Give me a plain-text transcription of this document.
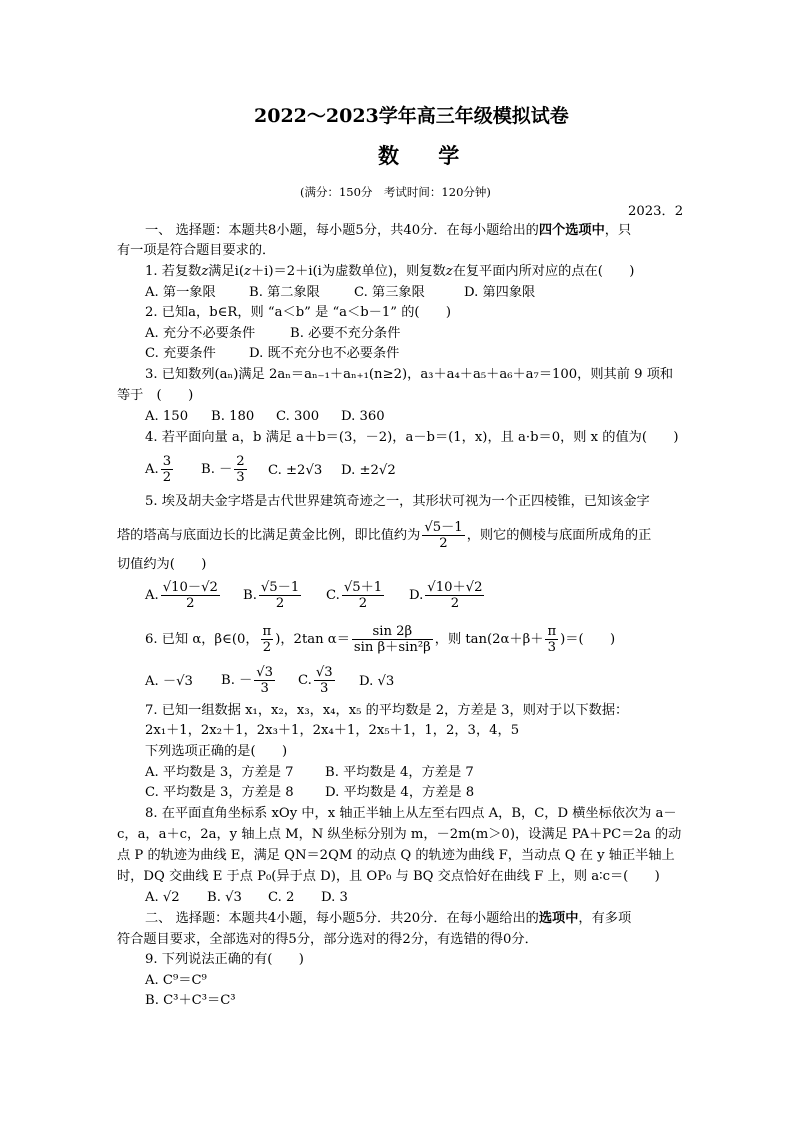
2022～2023学年高三年级模拟试卷
数 学
(满分：150分　考试时间：120分钟)
2023．2
一、 选择题：本题共8小题，每小题5分，共40分．在每小题给出的四个选项中，只
有一项是符合题目要求的．
1. 若复数z满足i(z＋i)＝2＋i(i为虚数单位)，则复数z在复平面内所对应的点在(　　)
A. 第一象限	B. 第二象限	C. 第三象限	D. 第四象限
2. 已知a，b∈R，则 “a＜b” 是 “a＜b－1” 的(　　)
A. 充分不必要条件	B. 必要不充分条件
C. 充要条件	D. 既不充分也不必要条件
3. 已知数列(aₙ)满足 2aₙ＝aₙ₋₁＋aₙ₊₁(n≥2)，a₃＋a₄＋a₅＋a₆＋a₇＝100，则其前 9 项和
等于　(　　)
A. 150 B. 180 C. 300 D. 360
4. 若平面向量 a，b 满足 a＋b＝(3，－2)，a－b＝(1，x)，且 a·b＝0，则 x 的值为(　　)
A. $\frac{3}{2} B$. － $\frac{2}{3} C$. ±2√3 D. ±2√2
5. 埃及胡夫金字塔是古代世界建筑奇迹之一，其形状可视为一个正四棱锥，已知该金字
塔的塔高与底面边长的比满足黄金比例，即比值约为 $\frac{√5-1}{2}$ ，则它的侧棱与底面所成角的正
切值约为(　　)
A. $\frac{√10-√2}{2} B$. $\frac{√5-1}{2} C$. $\frac{√5+1}{2} D$. $\frac{√10+√2}{2}$
6. 已知 α，β∈(0， $\frac{\pi}{2}$ )，2tan $\alpha= \frac{\sin 2\beta}{\text{sin β＋sin²β}}$ ，则 $\tan(2\alpha+\beta+ \frac{\pi}{3}$ )＝(　　)
A. －√3 B. － $\frac{√3}{3} C$. $\frac{√3}{3} D$. √3
7. 已知一组数据 x₁，x₂，x₃，x₄，x₅ 的平均数是 2，方差是 3，则对于以下数据：
2x₁＋1，2x₂＋1，2x₃＋1，2x₄＋1，2x₅＋1，1，2，3，4，5
下列选项正确的是(　　)
A. 平均数是 3，方差是 7 B. 平均数是 4，方差是 7
C. 平均数是 3，方差是 8 D. 平均数是 4，方差是 8
8. 在平面直角坐标系 xOy 中，x 轴正半轴上从左至右四点 A，B，C，D 横坐标依次为 a－
c，a，a＋c，2a，y 轴上点 M，N 纵坐标分别为 m，－2m(m＞0)，设满足 PA＋PC＝2a 的动
点 P 的轨迹为曲线 E，满足 QN＝2QM 的动点 Q 的轨迹为曲线 F，当动点 Q 在 y 轴正半轴上
时，DQ 交曲线 E 于点 P₀(异于点 D)，且 OP₀ 与 BQ 交点恰好在曲线 F 上，则 a∶c＝(　　)
A. √2 B. √3 C. 2 D. 3
二、 选择题：本题共4小题，每小题5分．共20分．在每小题给出的选项中，有多项
符合题目要求，全部选对的得5分，部分选对的得2分，有选错的得0分．
9. 下列说法正确的有(　　)
A. C⁹＝C⁹
B. C³＋C³＝C³
